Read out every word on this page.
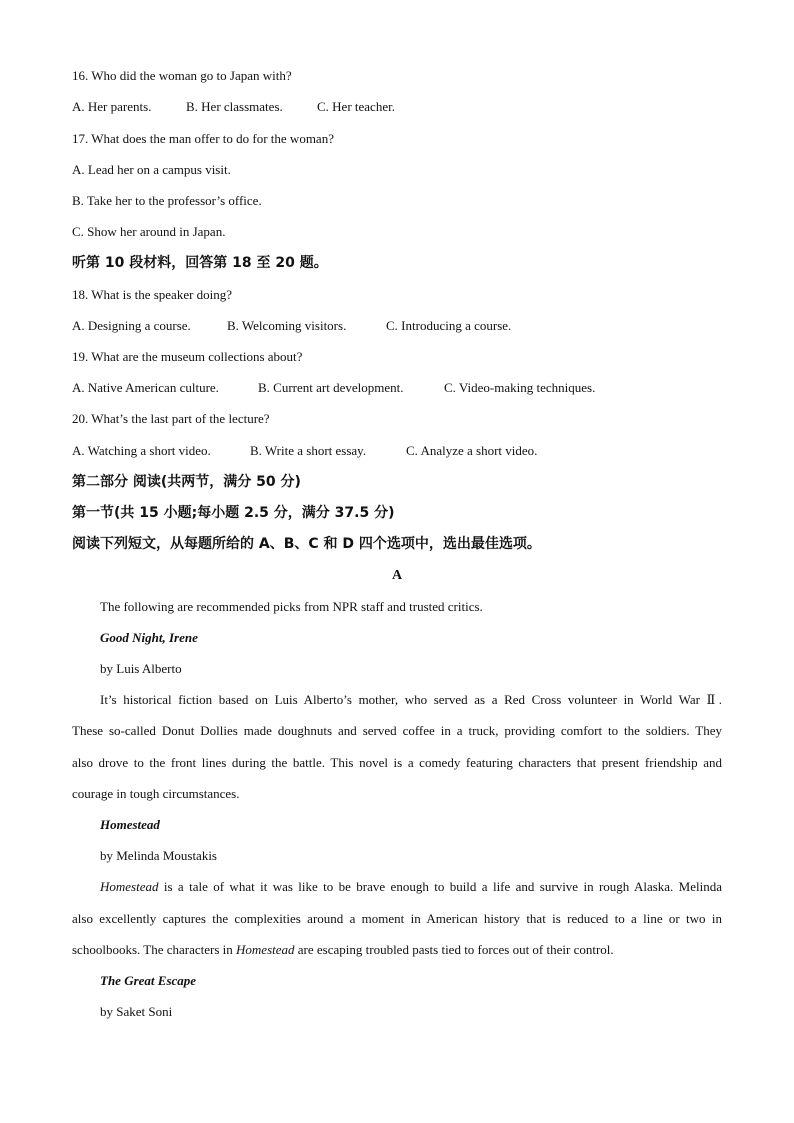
16. Who did the woman go to Japan with?
A. Her parents.	B. Her classmates.	C. Her teacher.
17. What does the man offer to do for the woman?
A. Lead her on a campus visit.
B. Take her to the professor’s office.
C. Show her around in Japan.
听第 10 段材料，回答第 18 至 20 题。
18. What is the speaker doing?
A. Designing a course.	B. Welcoming visitors.	C. Introducing a course.
19. What are the museum collections about?
A. Native American culture.	B. Current art development.	C. Video-making techniques.
20. What’s the last part of the lecture?
A. Watching a short video.	B. Write a short essay.	C. Analyze a short video.
第二部分 阅读(共两节，满分 50 分)
第一节(共 15 小题;每小题 2.5 分，满分 37.5 分)
阅读下列短文，从每题所给的 A、B、C 和 D 四个选项中，选出最佳选项。
A
The following are recommended picks from NPR staff and trusted critics.
Good Night, Irene
by Luis Alberto
It’s historical fiction based on Luis Alberto’s mother, who served as a Red Cross volunteer in World War Ⅱ.
These so-called Donut Dollies made doughnuts and served coffee in a truck, providing comfort to the soldiers. They
also drove to the front lines during the battle. This novel is a comedy featuring characters that present friendship and
courage in tough circumstances.
Homestead
by Melinda Moustakis
Homestead is a tale of what it was like to be brave enough to build a life and survive in rough Alaska. Melinda
also excellently captures the complexities around a moment in American history that is reduced to a line or two in
schoolbooks. The characters in Homestead are escaping troubled pasts tied to forces out of their control.
The Great Escape
by Saket Soni
